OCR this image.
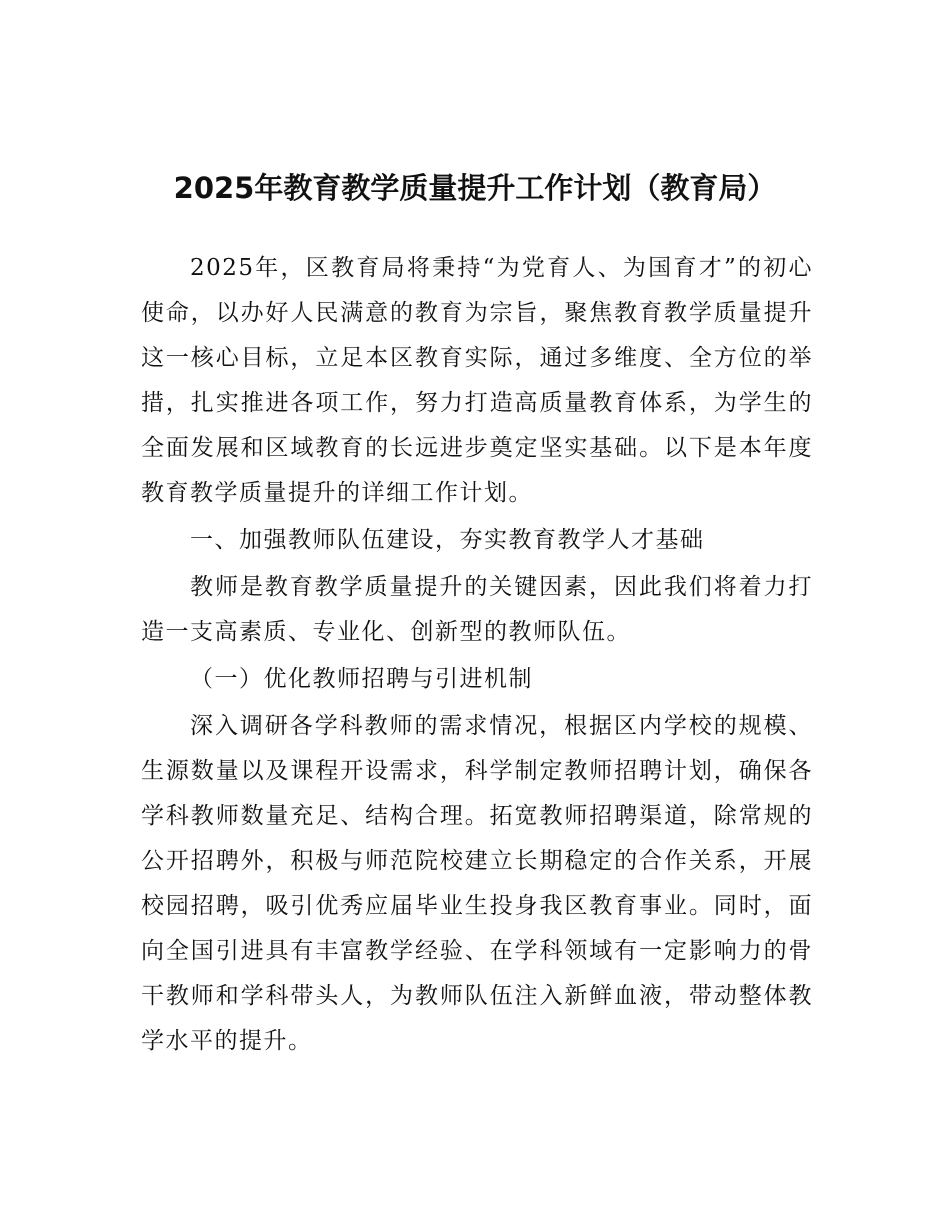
2025年教育教学质量提升工作计划（教育局）

2025年，区教育局将秉持“为党育人、为国育才”的初心使命，以办好人民满意的教育为宗旨，聚焦教育教学质量提升这一核心目标，立足本区教育实际，通过多维度、全方位的举措，扎实推进各项工作，努力打造高质量教育体系，为学生的全面发展和区域教育的长远进步奠定坚实基础。以下是本年度教育教学质量提升的详细工作计划。

一、加强教师队伍建设，夯实教育教学人才基础

教师是教育教学质量提升的关键因素，因此我们将着力打造一支高素质、专业化、创新型的教师队伍。

（一）优化教师招聘与引进机制

深入调研各学科教师的需求情况，根据区内学校的规模、生源数量以及课程开设需求，科学制定教师招聘计划，确保各学科教师数量充足、结构合理。拓宽教师招聘渠道，除常规的公开招聘外，积极与师范院校建立长期稳定的合作关系，开展校园招聘，吸引优秀应届毕业生投身我区教育事业。同时，面向全国引进具有丰富教学经验、在学科领域有一定影响力的骨干教师和学科带头人，为教师队伍注入新鲜血液，带动整体教学水平的提升。
